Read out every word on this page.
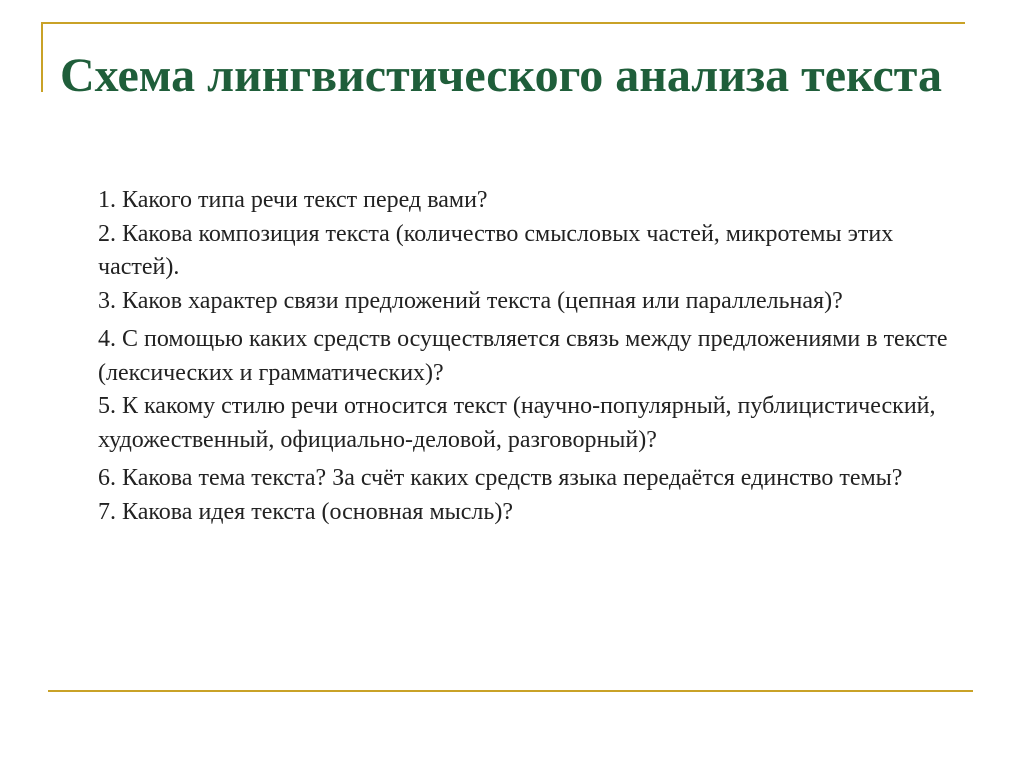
Схема лингвистического анализа текста
1. Какого типа речи текст перед вами?
2. Какова композиция текста (количество смысловых частей, микротемы этих частей).
3. Каков характер связи предложений текста (цепная или параллельная)?
4. С помощью каких средств осуществляется связь между предложениями в тексте (лексических и грамматических)?
5. К какому стилю речи относится текст (научно-популярный, публицистический, художественный, официально-деловой, разговорный)?
6. Какова тема текста? За счёт каких средств языка передаётся единство темы?
7. Какова идея текста (основная мысль)?
